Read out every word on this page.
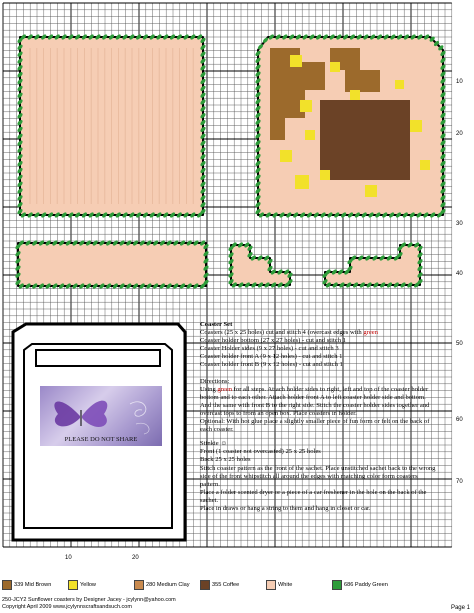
10
20
30
40
50
60
70
10	20
PLEASE DO NOT SHARE
Coaster Set
Coasters (25 x 25 holes) cut and stitch 4 (overcast edges with green
Coaster holder bottom (27 x 27 holes) - cut and stitch 1
Coaster Holder sides (9 x 27 holes) - cut and stitch 3
Coaster holder front A (9 x 12 holes) - cut and stitch 1
Coaster holder front B (9 x 12 holes) - cut and stitch 1
Directions:
Using green for all steps. Attach holder sides to right, left and top of the coaster holder bottom and to each other. Attach holder front A to left coaster holder side and bottom. And the same with front B to the right side. Stitch the coaster holder sides together and overcast tops to from an open box. Place coasters in holder.
Optional: With hot glue place a slightly smaller piece of fun form or felt on the back of each coaster.
Stinkie ☺
Front (1 coaster not overcasted) 25 x 25 holes
Back 25 x 25 holes
Stitch coaster pattern as the front of the sachet. Place unstitched sachet back to the wrong side of the front whipstitch all around the edges with matching color form coasters pattern.
Place a folder scented dryer or a piece of a car freshener in the hole on the back of the sachet.
Place in draws or hang a string to them and hang in closet or car.
339 Mid Brown	Yellow	280 Medium Clay	355 Coffee	White	686 Paddy Green
250-JCY2 Sunflower coasters by Designer Jacey - jcylynn@yahoo.com
Copyright April 2009 www.jcylynnscraftsandsuch.com	Page 1
